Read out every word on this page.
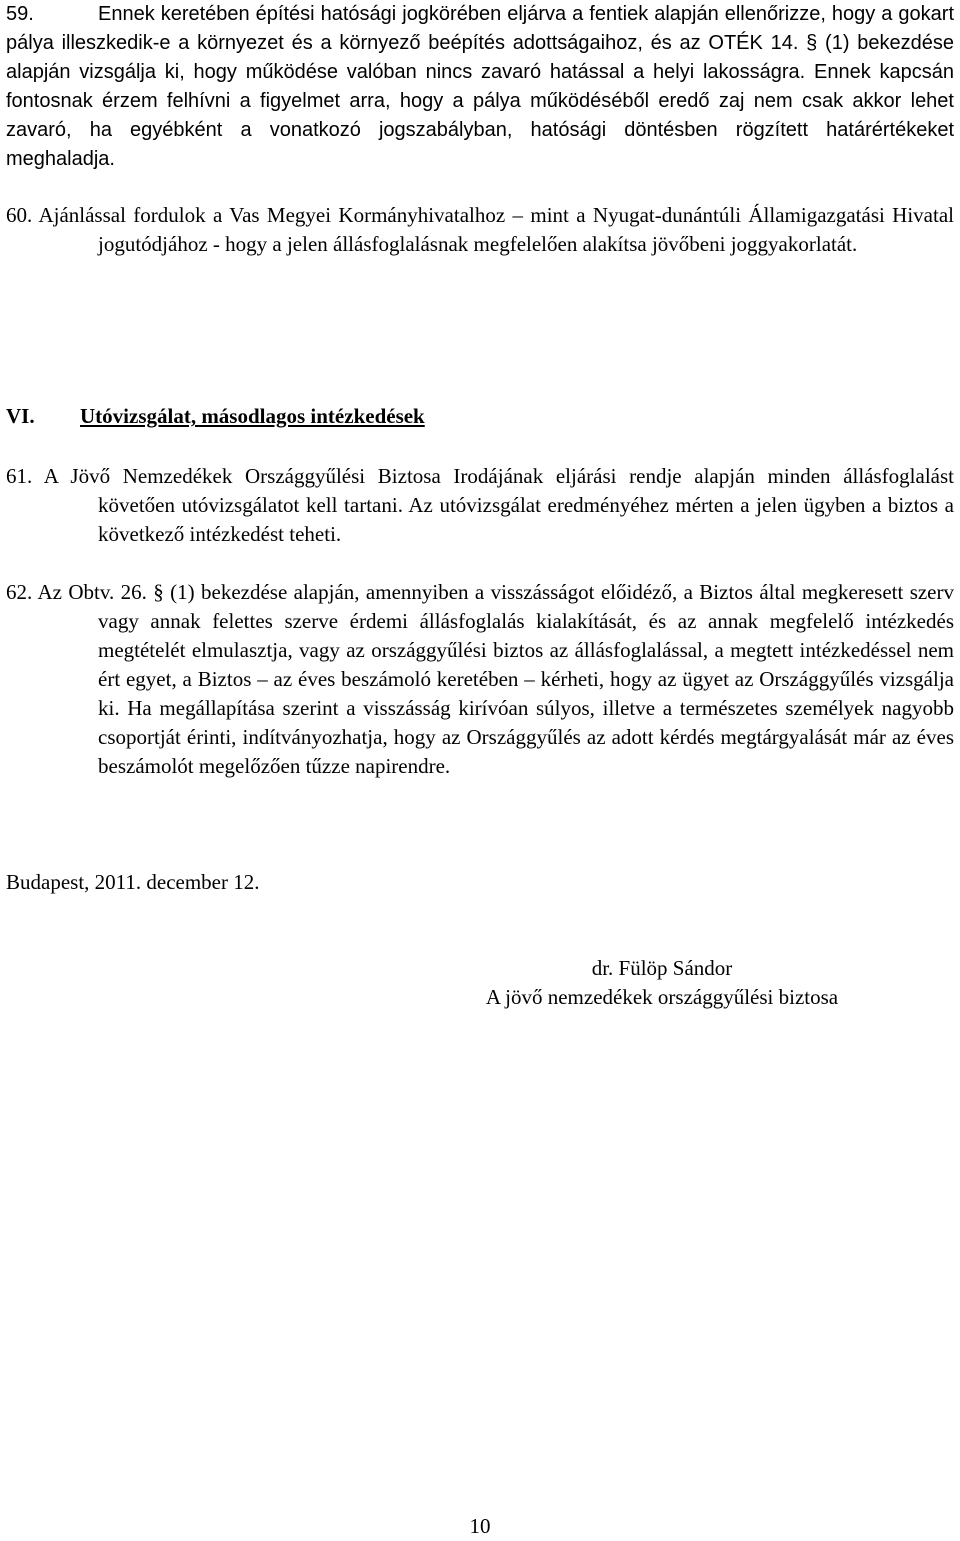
59.	Ennek keretében építési hatósági jogkörében eljárva a fentiek alapján ellenőrizze, hogy a gokart pálya illeszkedik-e a környezet és a környező beépítés adottságaihoz, és az OTÉK 14. § (1) bekezdése alapján vizsgálja ki, hogy működése valóban nincs zavaró hatással a helyi lakosságra. Ennek kapcsán fontosnak érzem felhívni a figyelmet arra, hogy a pálya működéséből eredő zaj nem csak akkor lehet zavaró, ha egyébként a vonatkozó jogszabályban, hatósági döntésben rögzített határértékeket meghaladja.

60. Ajánlással fordulok a Vas Megyei Kormányhivatalhoz – mint a Nyugat-dunántúli Államigazgatási Hivatal jogutódjához - hogy a jelen állásfoglalásnak megfelelően alakítsa jövőbeni joggyakorlatát.

VI. Utóvizsgálat, másodlagos intézkedések

61. A Jövő Nemzedékek Országgyűlési Biztosa Irodájának eljárási rendje alapján minden állásfoglalást követően utóvizsgálatot kell tartani. Az utóvizsgálat eredményéhez mérten a jelen ügyben a biztos a következő intézkedést teheti.

62. Az Obtv. 26. § (1) bekezdése alapján, amennyiben a visszásságot előidéző, a Biztos által megkeresett szerv vagy annak felettes szerve érdemi állásfoglalás kialakítását, és az annak megfelelő intézkedés megtételét elmulasztja, vagy az országgyűlési biztos az állásfoglalással, a megtett intézkedéssel nem ért egyet, a Biztos – az éves beszámoló keretében – kérheti, hogy az ügyet az Országgyűlés vizsgálja ki. Ha megállapítása szerint a visszásság kirívóan súlyos, illetve a természetes személyek nagyobb csoportját érinti, indítványozhatja, hogy az Országgyűlés az adott kérdés megtárgyalását már az éves beszámolót megelőzően tűzze napirendre.

Budapest, 2011. december 12.

dr. Fülöp Sándor
A jövő nemzedékek országgyűlési biztosa

10
